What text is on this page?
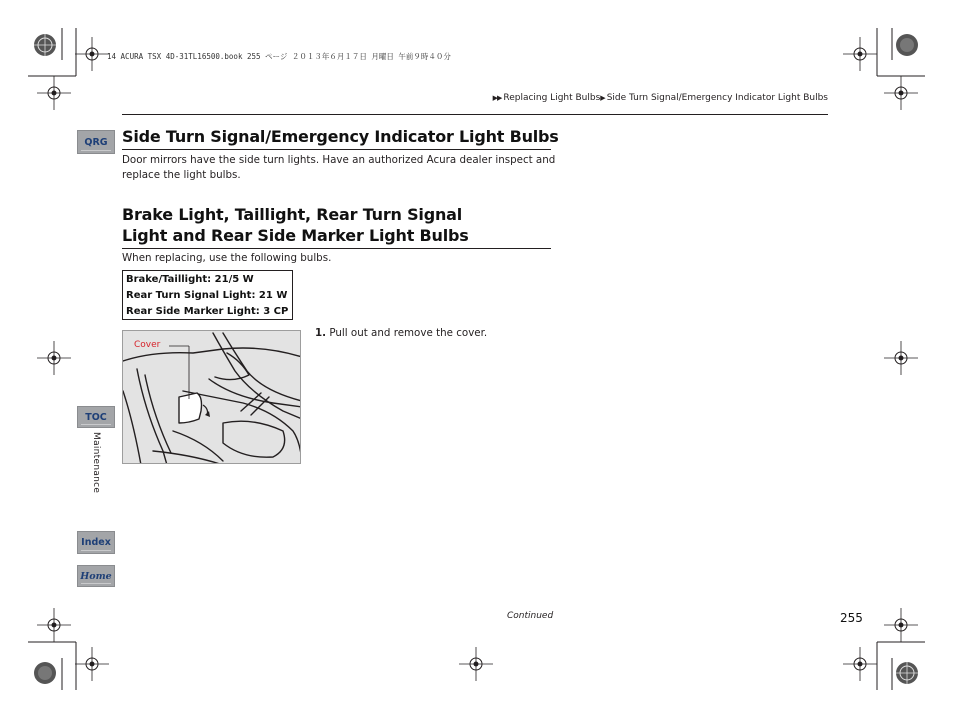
14 ACURA TSX 4D-31TL16500.book 255 ページ ２０１３年６月１７日 月曜日 午前９時４０分
▶▶ Replacing Light Bulbs▶ Side Turn Signal/Emergency Indicator Light Bulbs
QRG
TOC
Maintenance
Index
Home
Side Turn Signal/Emergency Indicator Light Bulbs
Door mirrors have the side turn lights. Have an authorized Acura dealer inspect and
replace the light bulbs.
Brake Light, Taillight, Rear Turn Signal
Light and Rear Side Marker Light Bulbs
When replacing, use the following bulbs.
Brake/Taillight: 21/5 W
Rear Turn Signal Light: 21 W
Rear Side Marker Light: 3 CP
Cover
1. Pull out and remove the cover.
Continued	255
